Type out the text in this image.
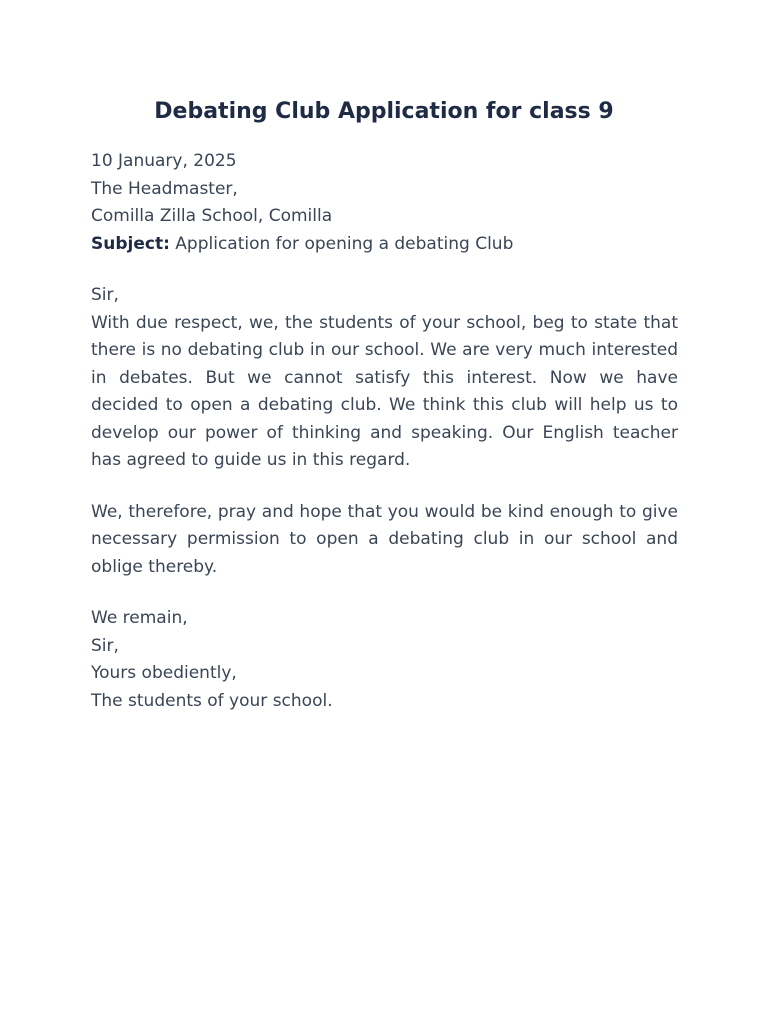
Debating Club Application for class 9

10 January, 2025

The Headmaster,

Comilla Zilla School, Comilla

Subject: Application for opening a debating Club

Sir,

With due respect, we, the students of your school, beg to state that there is no debating club in our school. We are very much interested in debates. But we cannot satisfy this interest. Now we have decided to open a debating club. We think this club will help us to develop our power of thinking and speaking. Our English teacher has agreed to guide us in this regard.

We, therefore, pray and hope that you would be kind enough to give necessary permission to open a debating club in our school and oblige thereby.

We remain,

Sir,

Yours obediently,

The students of your school.
